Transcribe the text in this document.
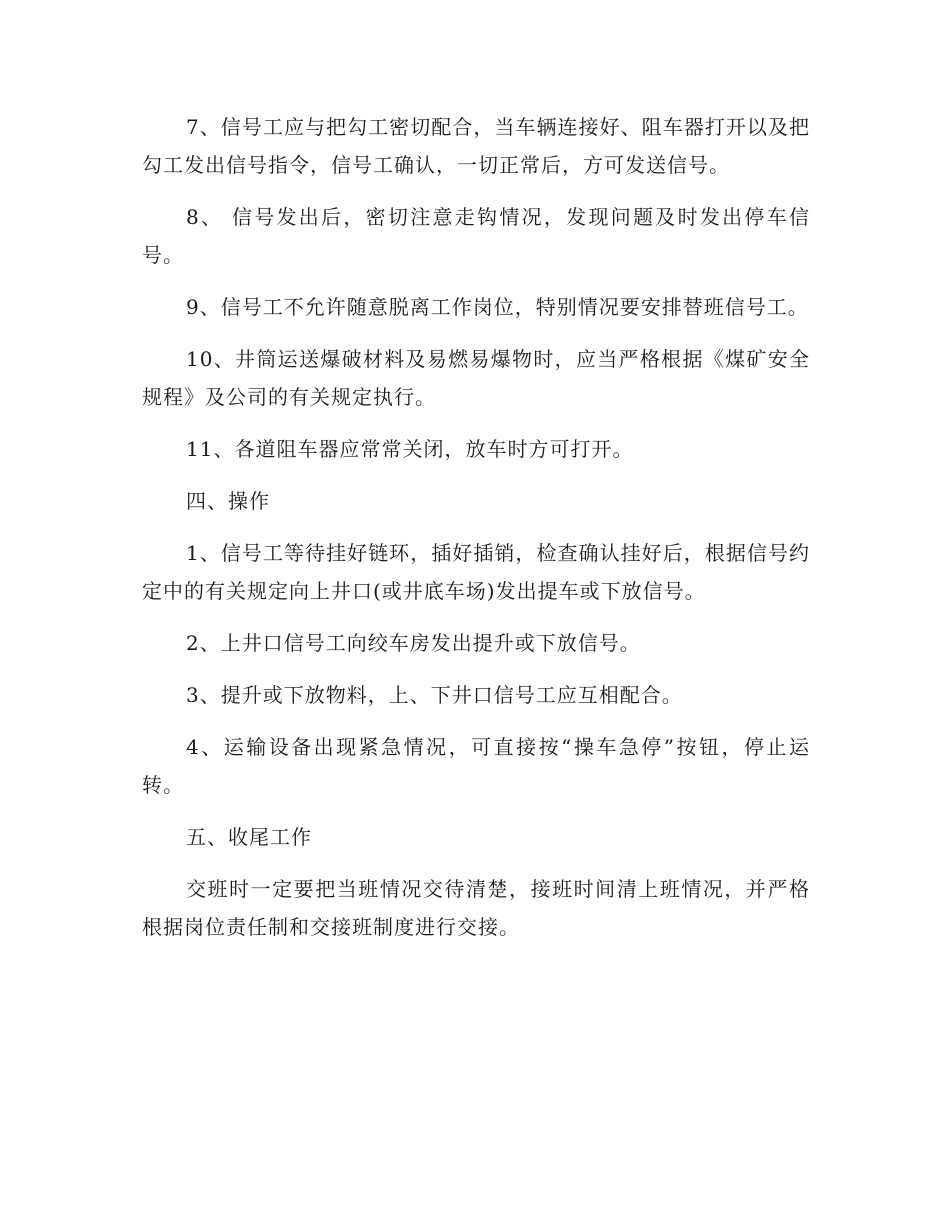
7、信号工应与把勾工密切配合，当车辆连接好、阻车器打开以及把勾工发出信号指令，信号工确认，一切正常后，方可发送信号。

8、 信号发出后，密切注意走钩情况，发现问题及时发出停车信号。

9、信号工不允许随意脱离工作岗位，特别情况要安排替班信号工。

10、井筒运送爆破材料及易燃易爆物时，应当严格根据《煤矿安全规程》及公司的有关规定执行。

11、各道阻车器应常常关闭，放车时方可打开。

四、操作

1、信号工等待挂好链环，插好插销，检查确认挂好后，根据信号约定中的有关规定向上井口(或井底车场)发出提车或下放信号。

2、上井口信号工向绞车房发出提升或下放信号。

3、提升或下放物料，上、下井口信号工应互相配合。

4、运输设备出现紧急情况，可直接按“操车急停”按钮，停止运转。

五、收尾工作

交班时一定要把当班情况交待清楚，接班时间清上班情况，并严格根据岗位责任制和交接班制度进行交接。
